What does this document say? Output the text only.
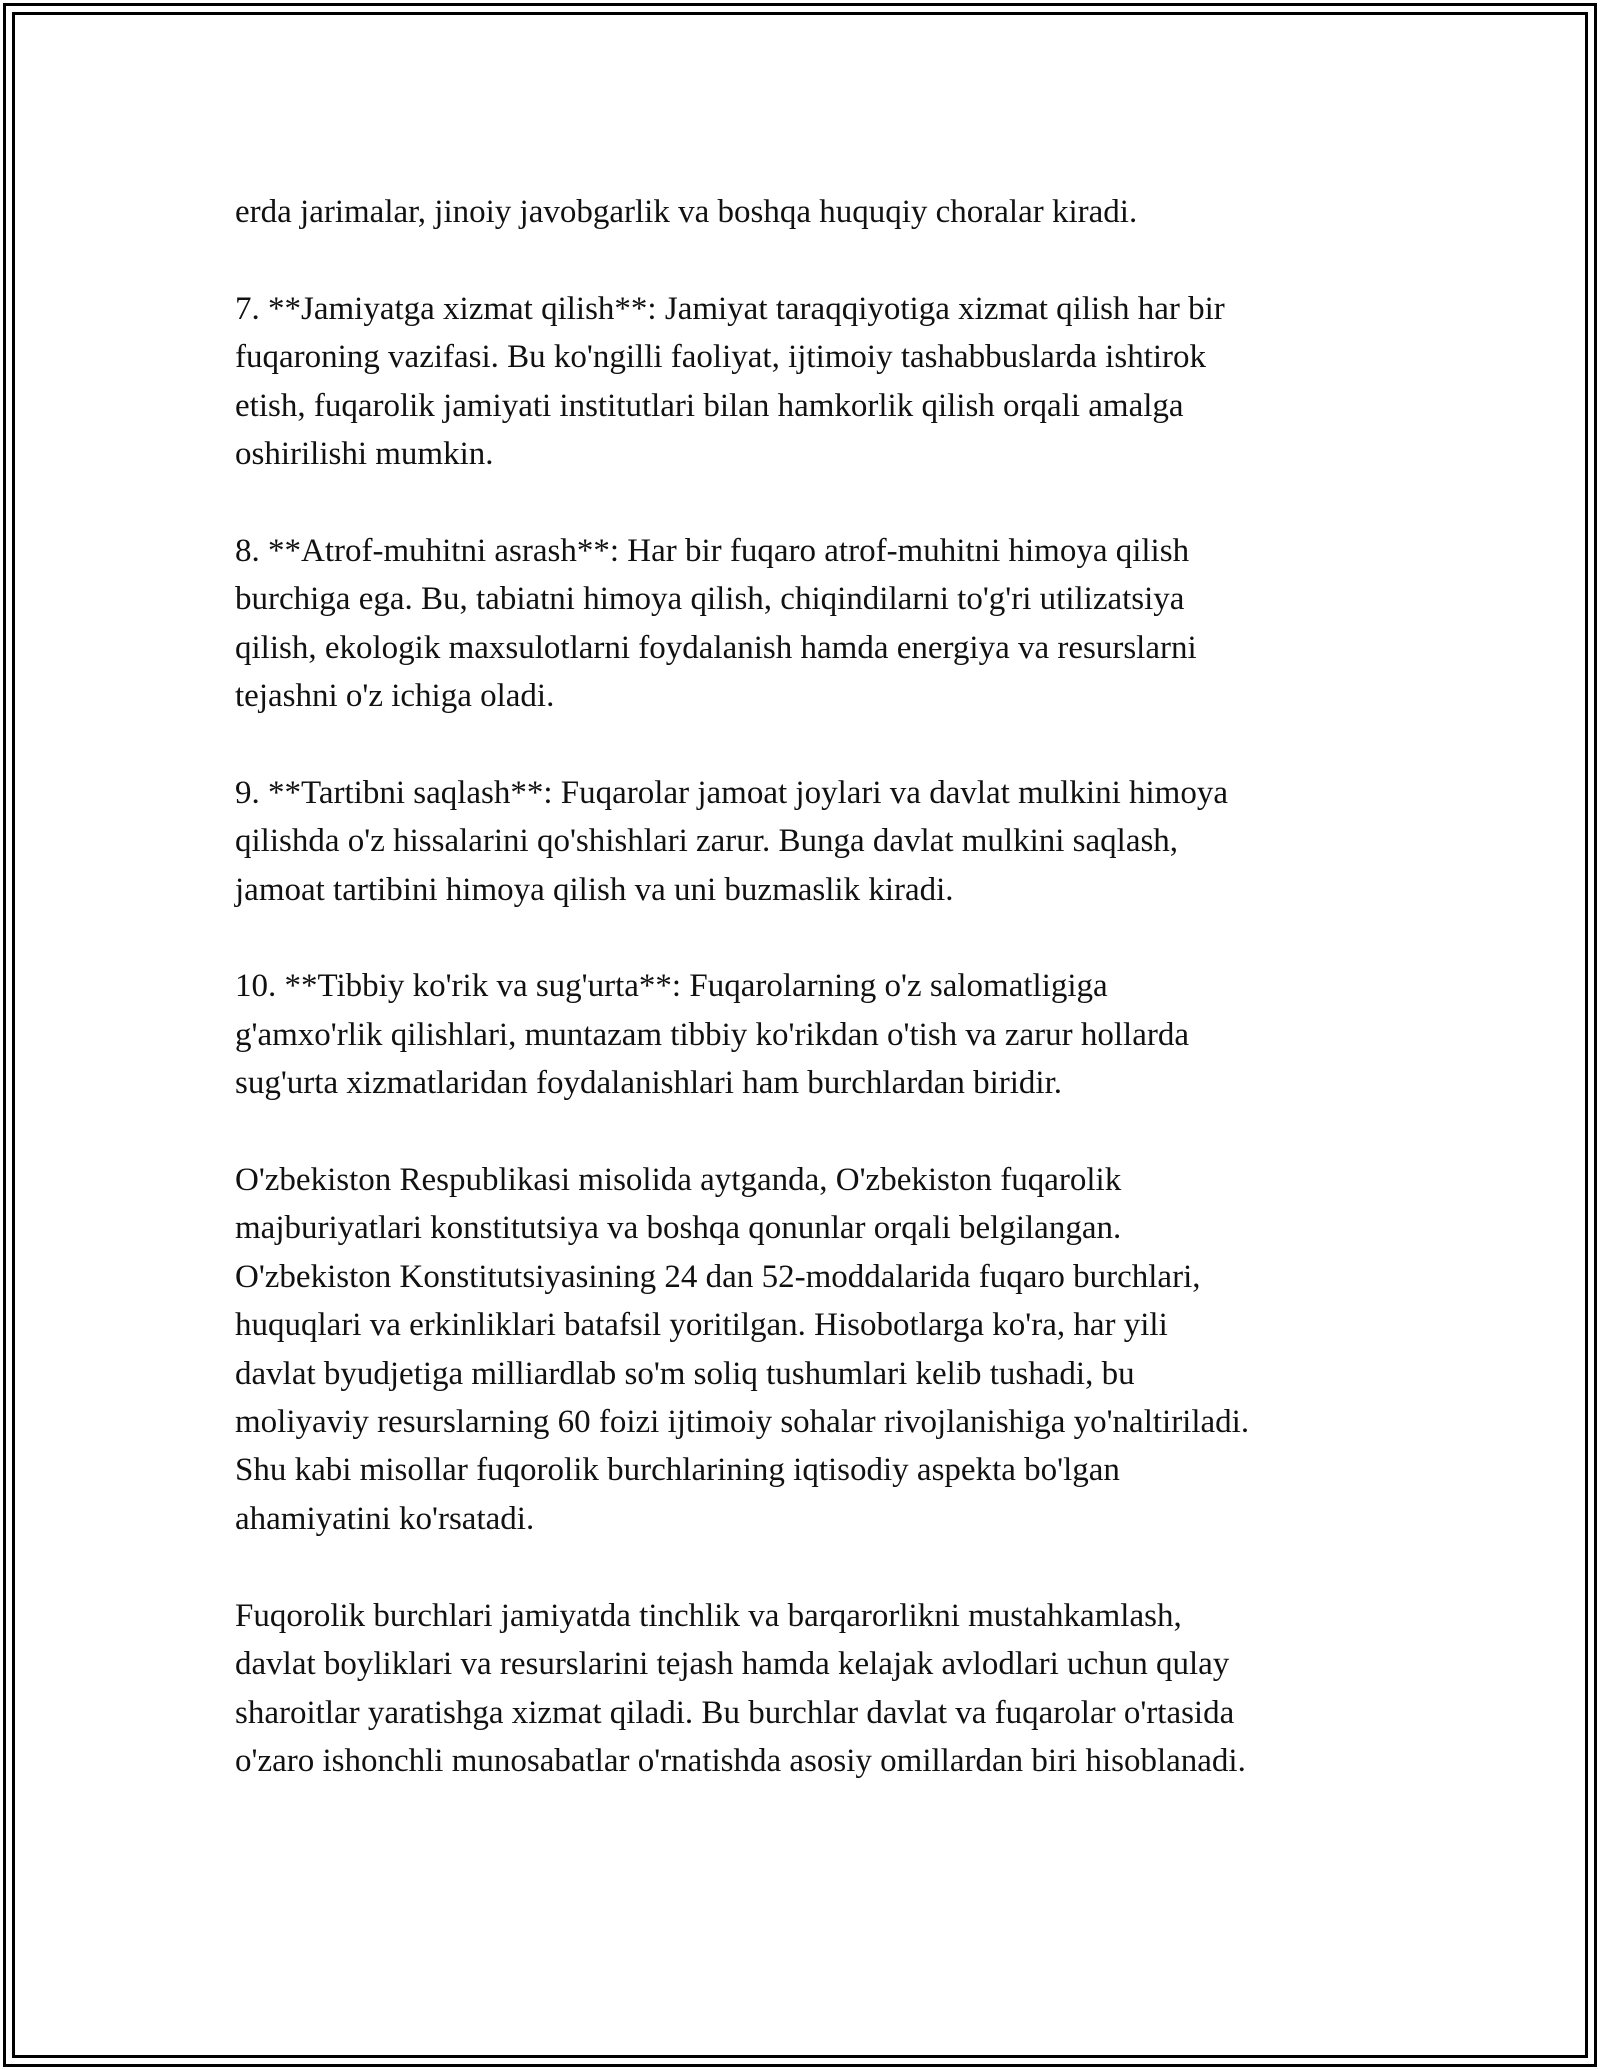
erda jarimalar, jinoiy javobgarlik va boshqa huquqiy choralar kiradi.

7. **Jamiyatga xizmat qilish**: Jamiyat taraqqiyotiga xizmat qilish har bir
fuqaroning vazifasi. Bu ko'ngilli faoliyat, ijtimoiy tashabbuslarda ishtirok
etish, fuqarolik jamiyati institutlari bilan hamkorlik qilish orqali amalga
oshirilishi mumkin.

8. **Atrof-muhitni asrash**: Har bir fuqaro atrof-muhitni himoya qilish
burchiga ega. Bu, tabiatni himoya qilish, chiqindilarni to'g'ri utilizatsiya
qilish, ekologik maxsulotlarni foydalanish hamda energiya va resurslarni
tejashni o'z ichiga oladi.

9. **Tartibni saqlash**: Fuqarolar jamoat joylari va davlat mulkini himoya
qilishda o'z hissalarini qo'shishlari zarur. Bunga davlat mulkini saqlash,
jamoat tartibini himoya qilish va uni buzmaslik kiradi.

10. **Tibbiy ko'rik va sug'urta**: Fuqarolarning o'z salomatligiga
g'amxo'rlik qilishlari, muntazam tibbiy ko'rikdan o'tish va zarur hollarda
sug'urta xizmatlaridan foydalanishlari ham burchlardan biridir.

O'zbekiston Respublikasi misolida aytganda, O'zbekiston fuqarolik
majburiyatlari konstitutsiya va boshqa qonunlar orqali belgilangan.
O'zbekiston Konstitutsiyasining 24 dan 52-moddalarida fuqaro burchlari,
huquqlari va erkinliklari batafsil yoritilgan. Hisobotlarga ko'ra, har yili
davlat byudjetiga milliardlab so'm soliq tushumlari kelib tushadi, bu
moliyaviy resurslarning 60 foizi ijtimoiy sohalar rivojlanishiga yo'naltiriladi.
Shu kabi misollar fuqorolik burchlarining iqtisodiy aspekta bo'lgan
ahamiyatini ko'rsatadi.

Fuqorolik burchlari jamiyatda tinchlik va barqarorlikni mustahkamlash,
davlat boyliklari va resurslarini tejash hamda kelajak avlodlari uchun qulay
sharoitlar yaratishga xizmat qiladi. Bu burchlar davlat va fuqarolar o'rtasida
o'zaro ishonchli munosabatlar o'rnatishda asosiy omillardan biri hisoblanadi.
